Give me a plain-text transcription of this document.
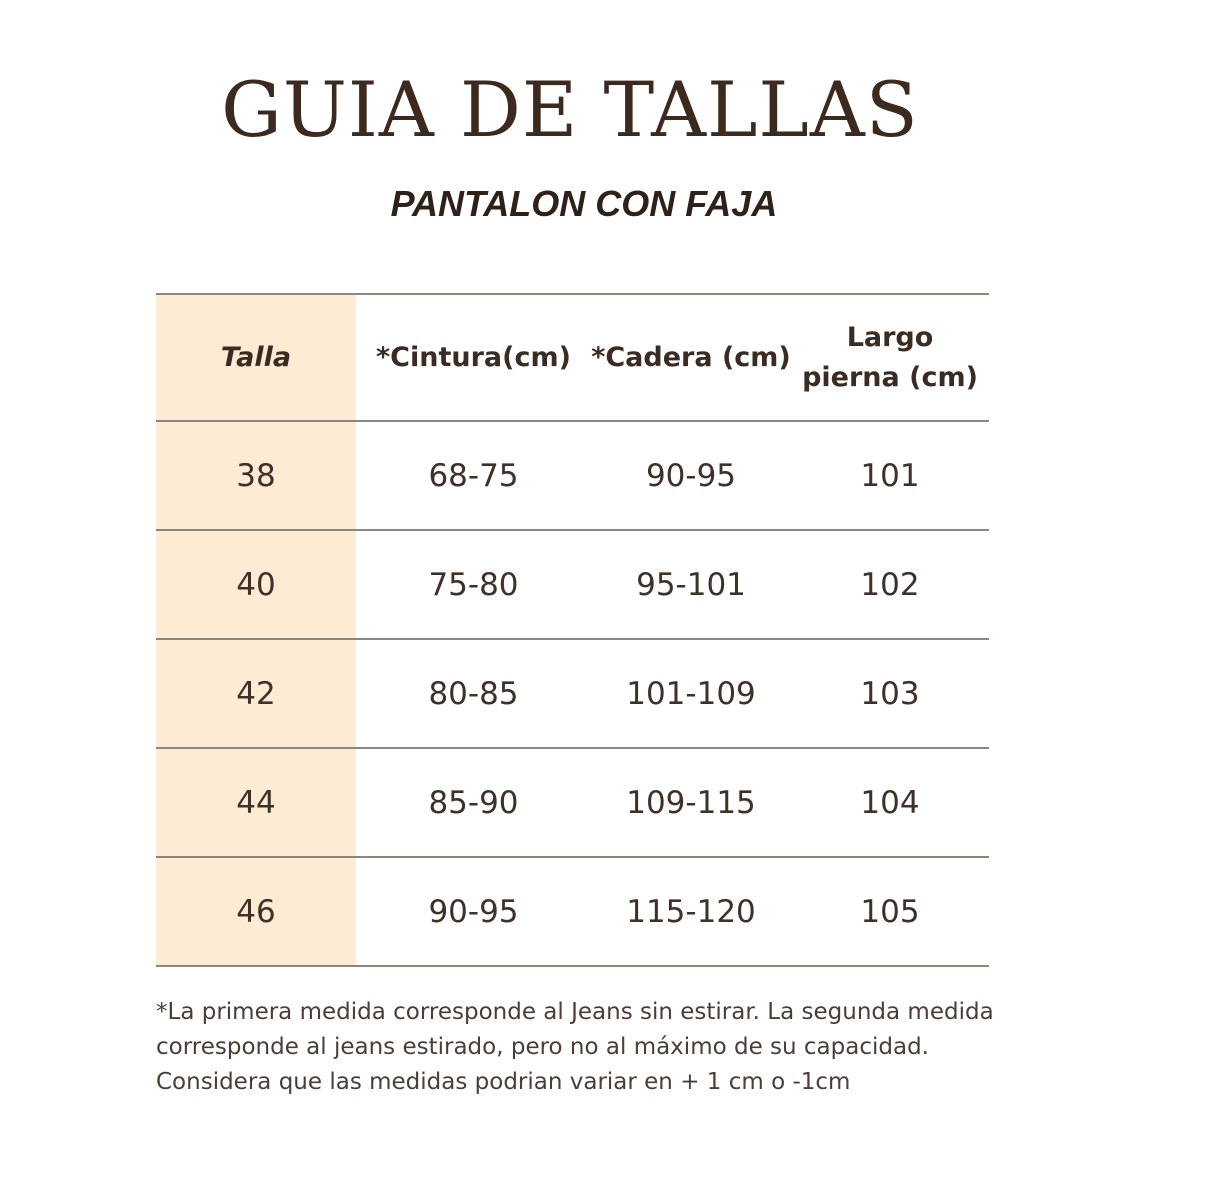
GUIA DE TALLAS
PANTALON CON FAJA
Talla	*Cintura(cm)	*Cadera (cm)	Largo
pierna (cm)
38	68-75	90-95	101
40	75-80	95-101	102
42	80-85	101-109	103
44	85-90	109-115	104
46	90-95	115-120	105

*La primera medida corresponde al Jeans sin estirar. La segunda medida
corresponde al jeans estirado, pero no al máximo de su capacidad.
Considera que las medidas podrian variar en + 1 cm o -1cm
